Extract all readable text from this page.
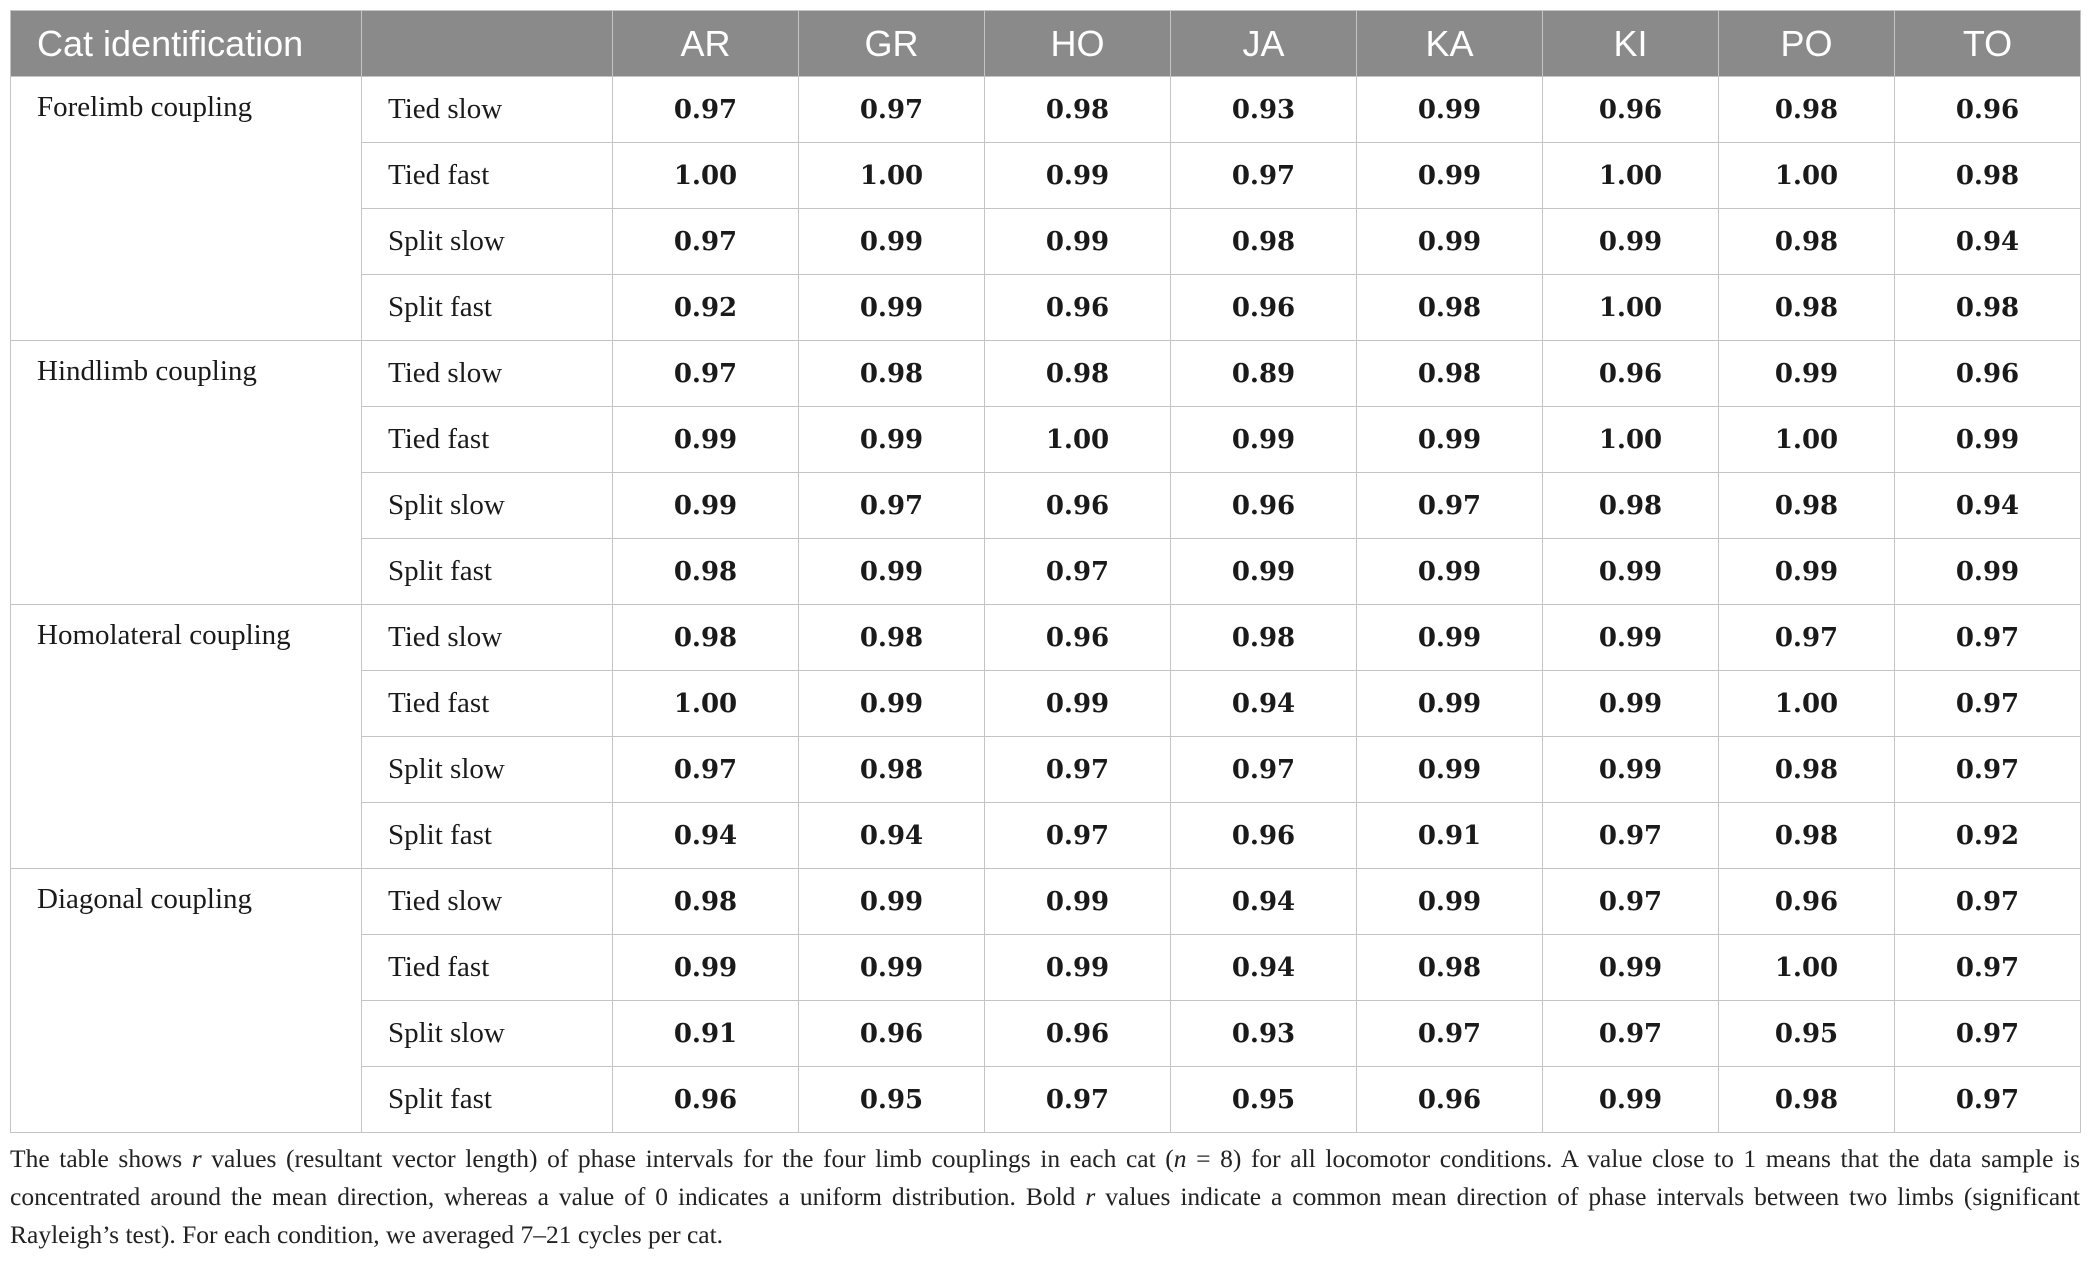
Cat identification		AR	GR	HO	JA	KA	KI	PO	TO
Forelimb coupling	Tied slow	0.97	0.97	0.98	0.93	0.99	0.96	0.98	0.96
	Tied fast	1.00	1.00	0.99	0.97	0.99	1.00	1.00	0.98
	Split slow	0.97	0.99	0.99	0.98	0.99	0.99	0.98	0.94
	Split fast	0.92	0.99	0.96	0.96	0.98	1.00	0.98	0.98
Hindlimb coupling	Tied slow	0.97	0.98	0.98	0.89	0.98	0.96	0.99	0.96
	Tied fast	0.99	0.99	1.00	0.99	0.99	1.00	1.00	0.99
	Split slow	0.99	0.97	0.96	0.96	0.97	0.98	0.98	0.94
	Split fast	0.98	0.99	0.97	0.99	0.99	0.99	0.99	0.99
Homolateral coupling	Tied slow	0.98	0.98	0.96	0.98	0.99	0.99	0.97	0.97
	Tied fast	1.00	0.99	0.99	0.94	0.99	0.99	1.00	0.97
	Split slow	0.97	0.98	0.97	0.97	0.99	0.99	0.98	0.97
	Split fast	0.94	0.94	0.97	0.96	0.91	0.97	0.98	0.92
Diagonal coupling	Tied slow	0.98	0.99	0.99	0.94	0.99	0.97	0.96	0.97
	Tied fast	0.99	0.99	0.99	0.94	0.98	0.99	1.00	0.97
	Split slow	0.91	0.96	0.96	0.93	0.97	0.97	0.95	0.97
	Split fast	0.96	0.95	0.97	0.95	0.96	0.99	0.98	0.97
The table shows r values (resultant vector length) of phase intervals for the four limb couplings in each cat (n = 8) for all locomotor conditions. A value close to 1 means that the data sample is concentrated around the mean direction, whereas a value of 0 indicates a uniform distribution. Bold r values indicate a common mean direction of phase intervals between two limbs (significant Rayleigh’s test). For each condition, we averaged 7–21 cycles per cat.
